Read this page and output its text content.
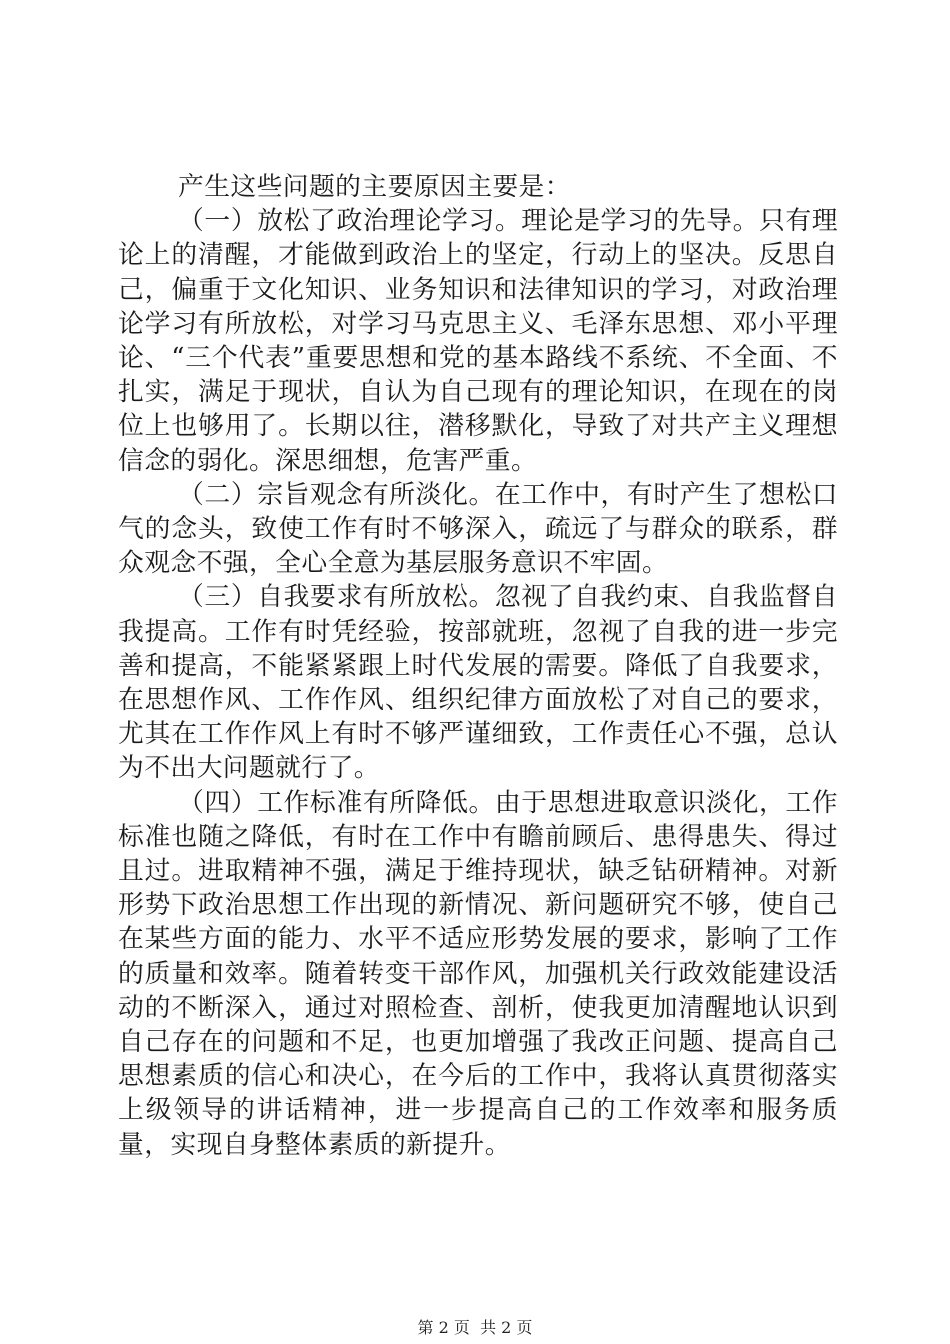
产生这些问题的主要原因主要是：

（一）放松了政治理论学习。理论是学习的先导。只有理论上的清醒，才能做到政治上的坚定，行动上的坚决。反思自己，偏重于文化知识、业务知识和法律知识的学习，对政治理论学习有所放松，对学习马克思主义、毛泽东思想、邓小平理论、“三个代表”重要思想和党的基本路线不系统、不全面、不扎实，满足于现状，自认为自己现有的理论知识，在现在的岗位上也够用了。长期以往，潜移默化，导致了对共产主义理想信念的弱化。深思细想，危害严重。

（二）宗旨观念有所淡化。在工作中，有时产生了想松口气的念头，致使工作有时不够深入，疏远了与群众的联系，群众观念不强，全心全意为基层服务意识不牢固。

（三）自我要求有所放松。忽视了自我约束、自我监督自我提高。工作有时凭经验，按部就班，忽视了自我的进一步完善和提高，不能紧紧跟上时代发展的需要。降低了自我要求，在思想作风、工作作风、组织纪律方面放松了对自己的要求，尤其在工作作风上有时不够严谨细致，工作责任心不强，总认为不出大问题就行了。

（四）工作标准有所降低。由于思想进取意识淡化，工作标准也随之降低，有时在工作中有瞻前顾后、患得患失、得过且过。进取精神不强，满足于维持现状，缺乏钻研精神。对新形势下政治思想工作出现的新情况、新问题研究不够，使自己在某些方面的能力、水平不适应形势发展的要求，影响了工作的质量和效率。随着转变干部作风，加强机关行政效能建设活动的不断深入，通过对照检查、剖析，使我更加清醒地认识到自己存在的问题和不足，也更加增强了我改正问题、提高自己思想素质的信心和决心，在今后的工作中，我将认真贯彻落实上级领导的讲话精神，进一步提高自己的工作效率和服务质量，实现自身整体素质的新提升。

第 2 页  共 2 页
